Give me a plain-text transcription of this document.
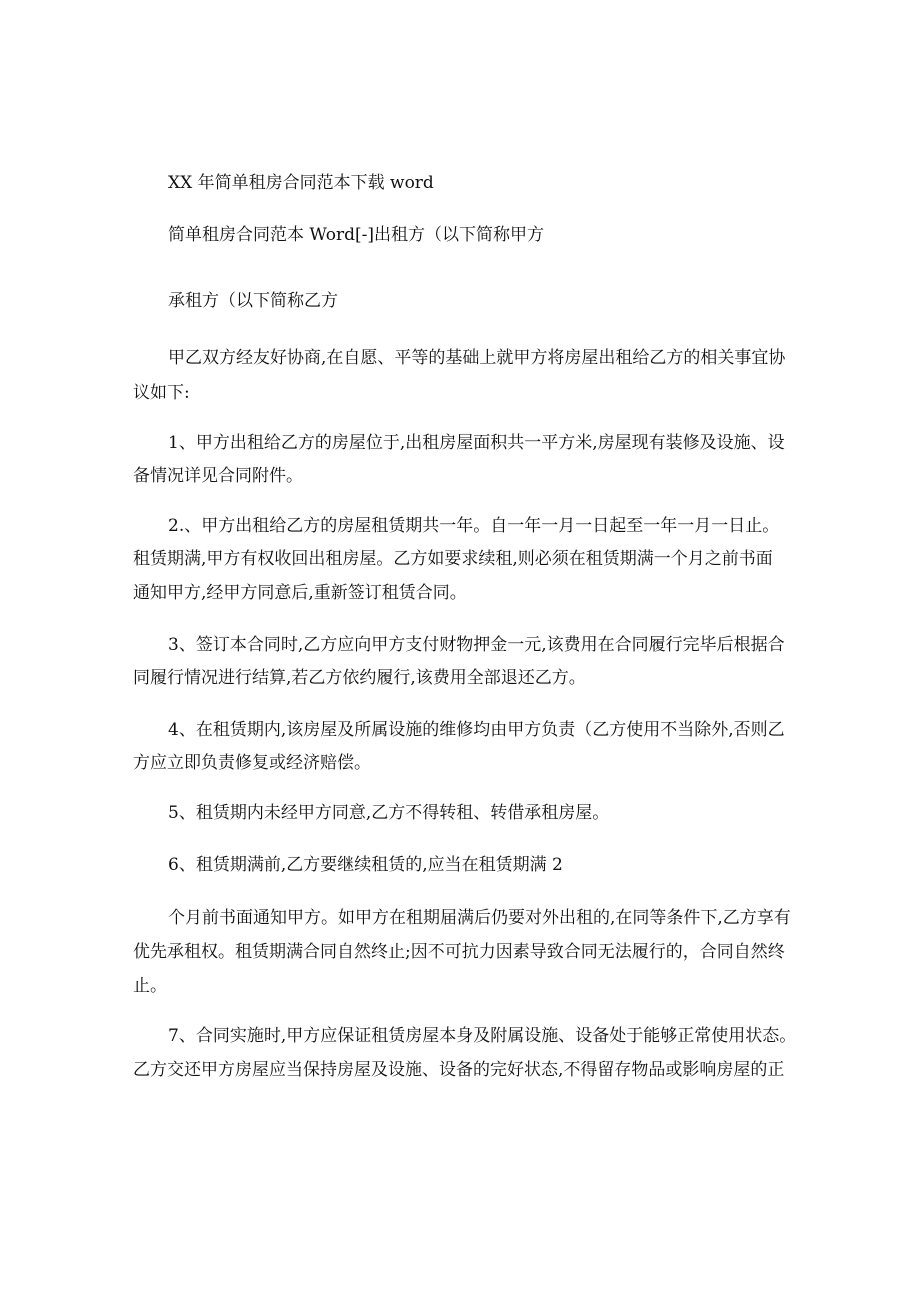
XX 年简单租房合同范本下载 word
简单租房合同范本 Word[-]出租方（以下简称甲方
承租方（以下简称乙方
甲乙双方经友好协商,在自愿、平等的基础上就甲方将房屋出租给乙方的相关事宜协
议如下:
1、甲方出租给乙方的房屋位于,出租房屋面积共一平方米,房屋现有装修及设施、设
备情况详见合同附件。
2.、甲方出租给乙方的房屋租赁期共一年。自一年一月一日起至一年一月一日止。
租赁期满,甲方有权收回出租房屋。乙方如要求续租,则必须在租赁期满一个月之前书面
通知甲方,经甲方同意后,重新签订租赁合同。
3、签订本合同时,乙方应向甲方支付财物押金一元,该费用在合同履行完毕后根据合
同履行情况进行结算,若乙方依约履行,该费用全部退还乙方。
4、在租赁期内,该房屋及所属设施的维修均由甲方负责（乙方使用不当除外,否则乙
方应立即负责修复或经济赔偿。
5、租赁期内未经甲方同意,乙方不得转租、转借承租房屋。
6、租赁期满前,乙方要继续租赁的,应当在租赁期满 2
个月前书面通知甲方。如甲方在租期届满后仍要对外出租的,在同等条件下,乙方享有
优先承租权。租赁期满合同自然终止;因不可抗力因素导致合同无法履行的，合同自然终
止。
7、合同实施时,甲方应保证租赁房屋本身及附属设施、设备处于能够正常使用状态。
乙方交还甲方房屋应当保持房屋及设施、设备的完好状态,不得留存物品或影响房屋的正
